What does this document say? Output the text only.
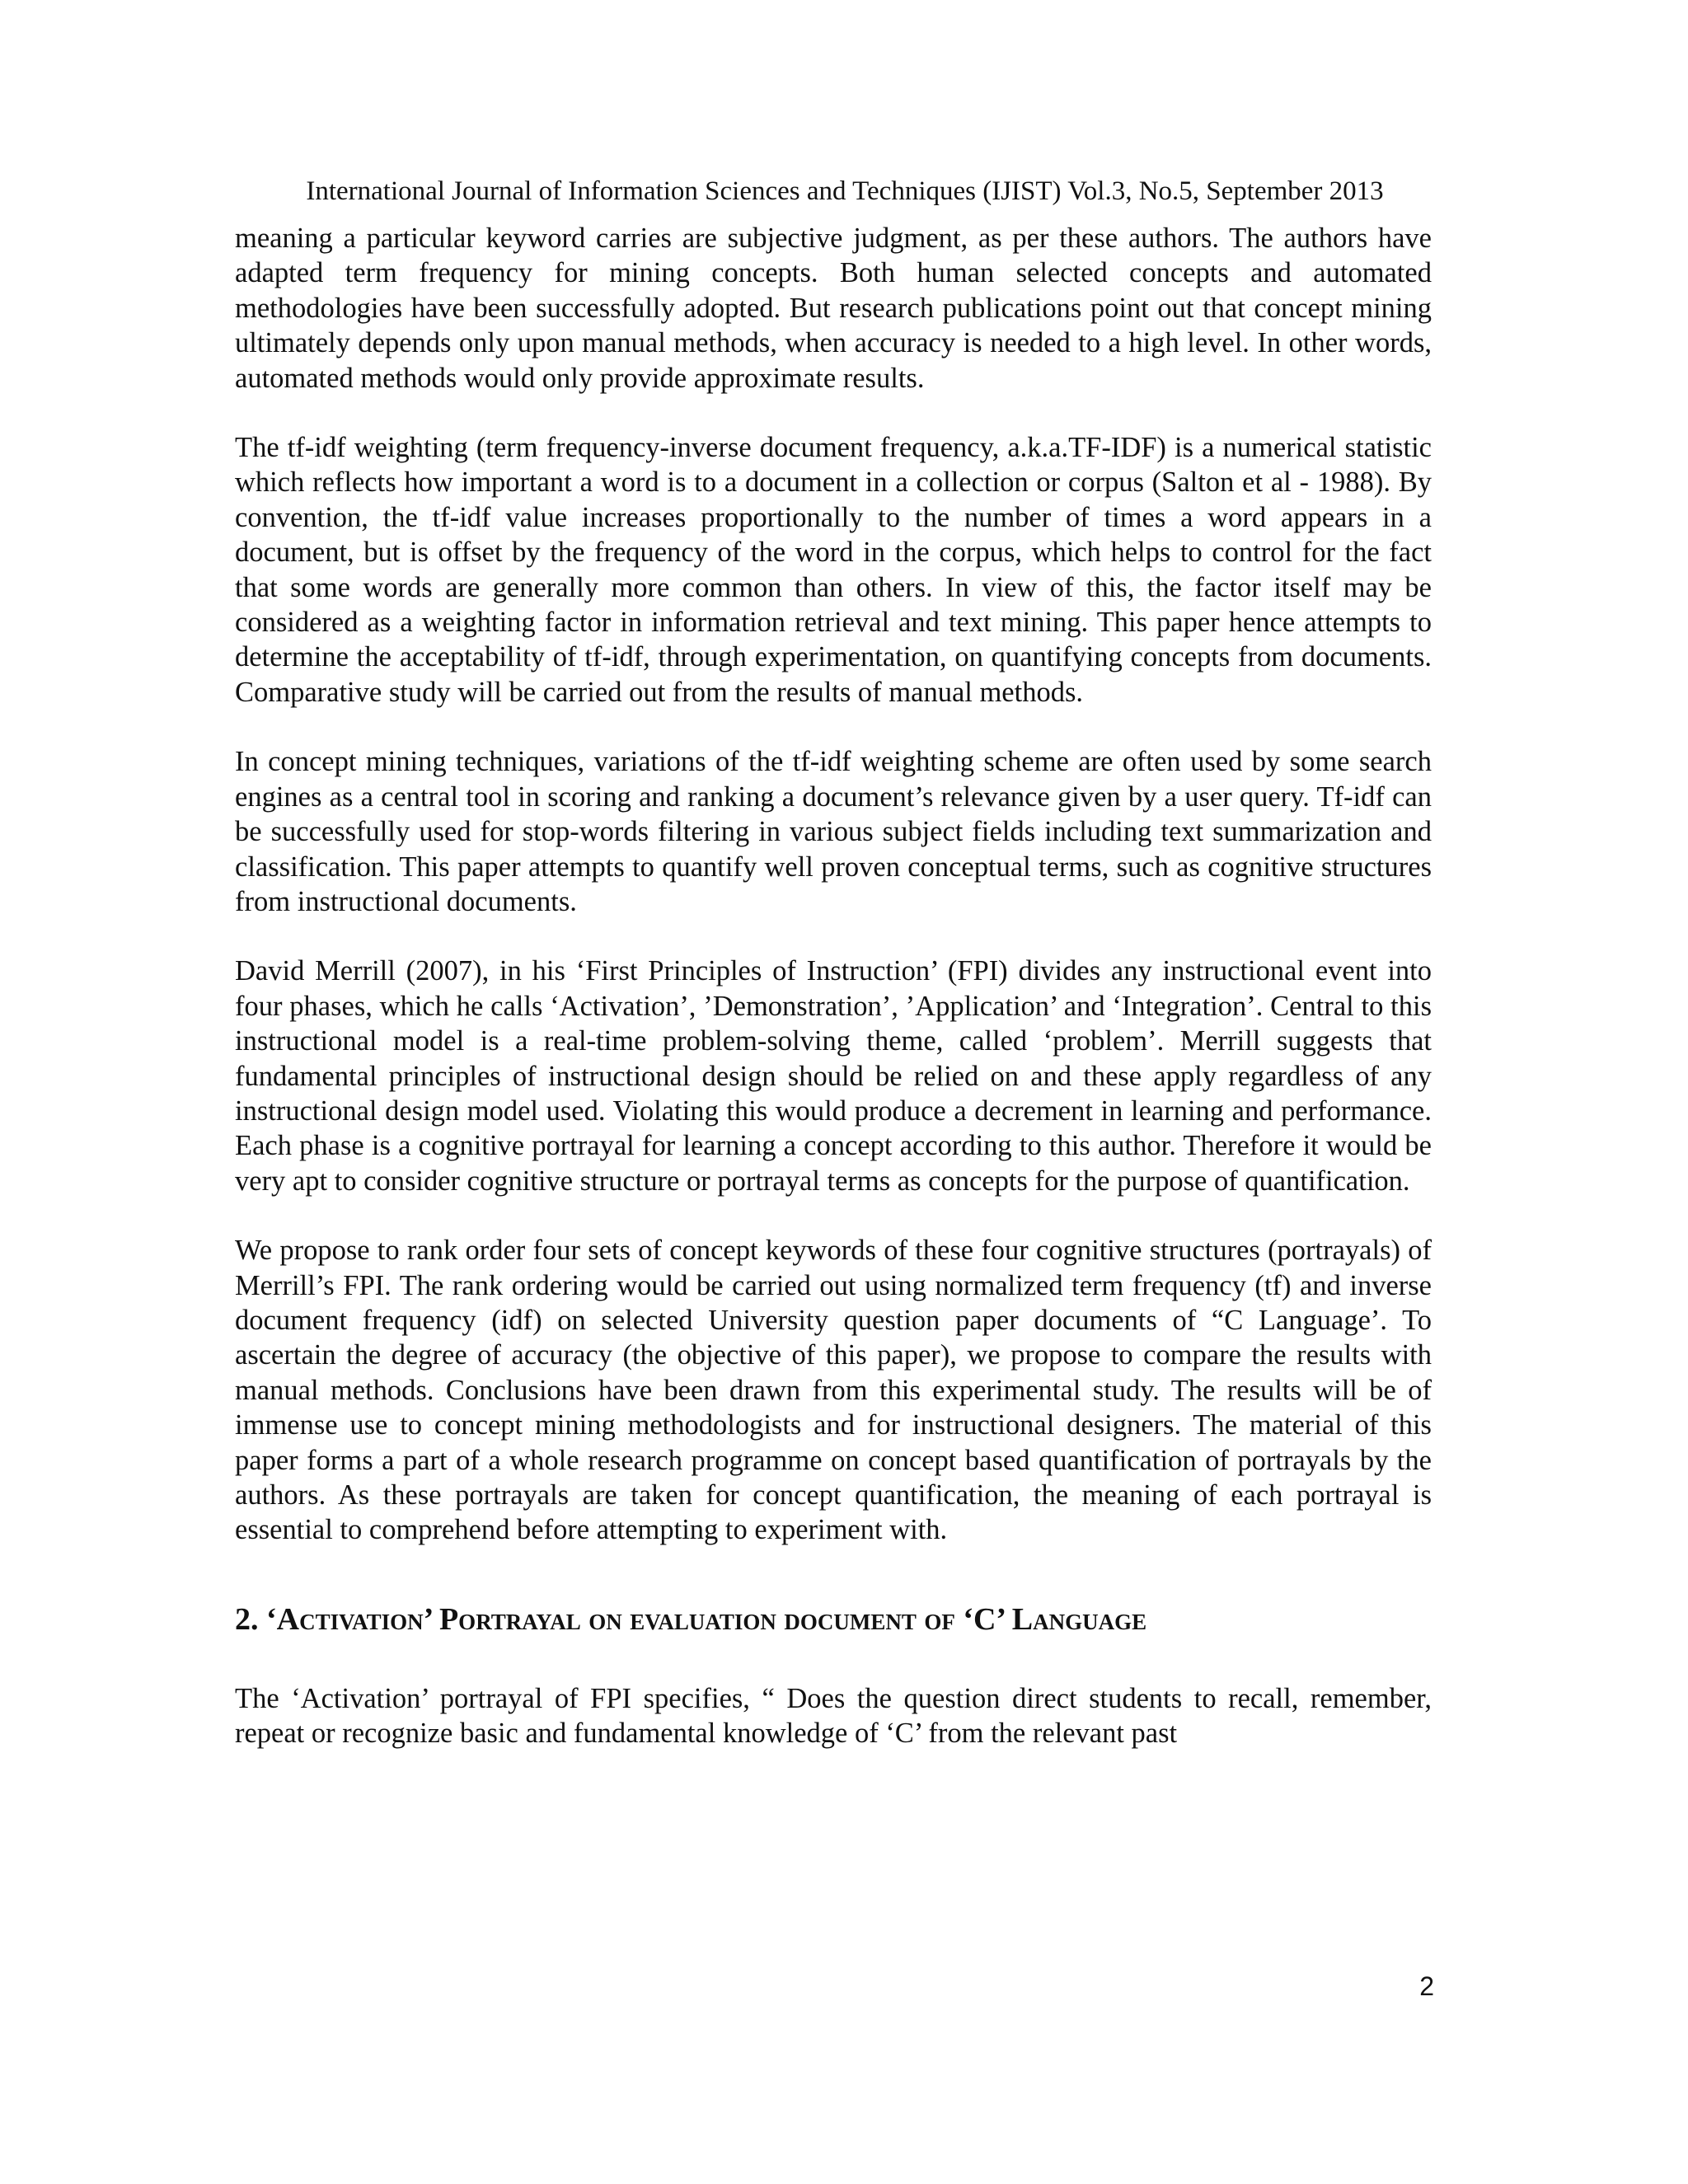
International Journal of Information Sciences and Techniques (IJIST) Vol.3, No.5, September 2013

meaning a particular keyword carries are subjective judgment, as per these authors. The authors have adapted term frequency for mining concepts. Both human selected concepts and automated methodologies have been successfully adopted. But research publications point out that concept mining ultimately depends only upon manual methods, when accuracy is needed to a high level. In other words, automated methods would only provide approximate results.

The tf-idf weighting (term frequency-inverse document frequency, a.k.a.TF-IDF) is a numerical statistic which reflects how important a word is to a document in a collection or corpus (Salton et al - 1988). By convention, the tf-idf value increases proportionally to the number of times a word appears in a document, but is offset by the frequency of the word in the corpus, which helps to control for the fact that some words are generally more common than others. In view of this, the factor itself may be considered as a weighting factor in information retrieval and text mining. This paper hence attempts to determine the acceptability of tf-idf, through experimentation, on quantifying concepts from documents. Comparative study will be carried out from the results of manual methods.

In concept mining techniques, variations of the tf-idf weighting scheme are often used by some search engines as a central tool in scoring and ranking a document’s relevance given by a user query. Tf-idf can be successfully used for stop-words filtering in various subject fields including text summarization and classification. This paper attempts to quantify well proven conceptual terms, such as cognitive structures from instructional documents.

David Merrill (2007), in his ‘First Principles of Instruction’ (FPI) divides any instructional event into four phases, which he calls ‘Activation’, ’Demonstration’, ’Application’ and ‘Integration’. Central to this instructional model is a real-time problem-solving theme, called ‘problem’. Merrill suggests that fundamental principles of instructional design should be relied on and these apply regardless of any instructional design model used. Violating this would produce a decrement in learning and performance. Each phase is a cognitive portrayal for learning a concept according to this author. Therefore it would be very apt to consider cognitive structure or portrayal terms as concepts for the purpose of quantification.

We propose to rank order four sets of concept keywords of these four cognitive structures (portrayals) of Merrill’s FPI. The rank ordering would be carried out using normalized term frequency (tf) and inverse document frequency (idf) on selected University question paper documents of “C Language’. To ascertain the degree of accuracy (the objective of this paper), we propose to compare the results with manual methods. Conclusions have been drawn from this experimental study. The results will be of immense use to concept mining methodologists and for instructional designers. The material of this paper forms a part of a whole research programme on concept based quantification of portrayals by the authors. As these portrayals are taken for concept quantification, the meaning of each portrayal is essential to comprehend before attempting to experiment with.

2. ‘Activation’ Portrayal on evaluation document of ‘C’ Language

The ‘Activation’ portrayal of FPI specifies, “ Does the question direct students to recall, remember, repeat or recognize basic and fundamental knowledge of ‘C’ from the relevant past

2
